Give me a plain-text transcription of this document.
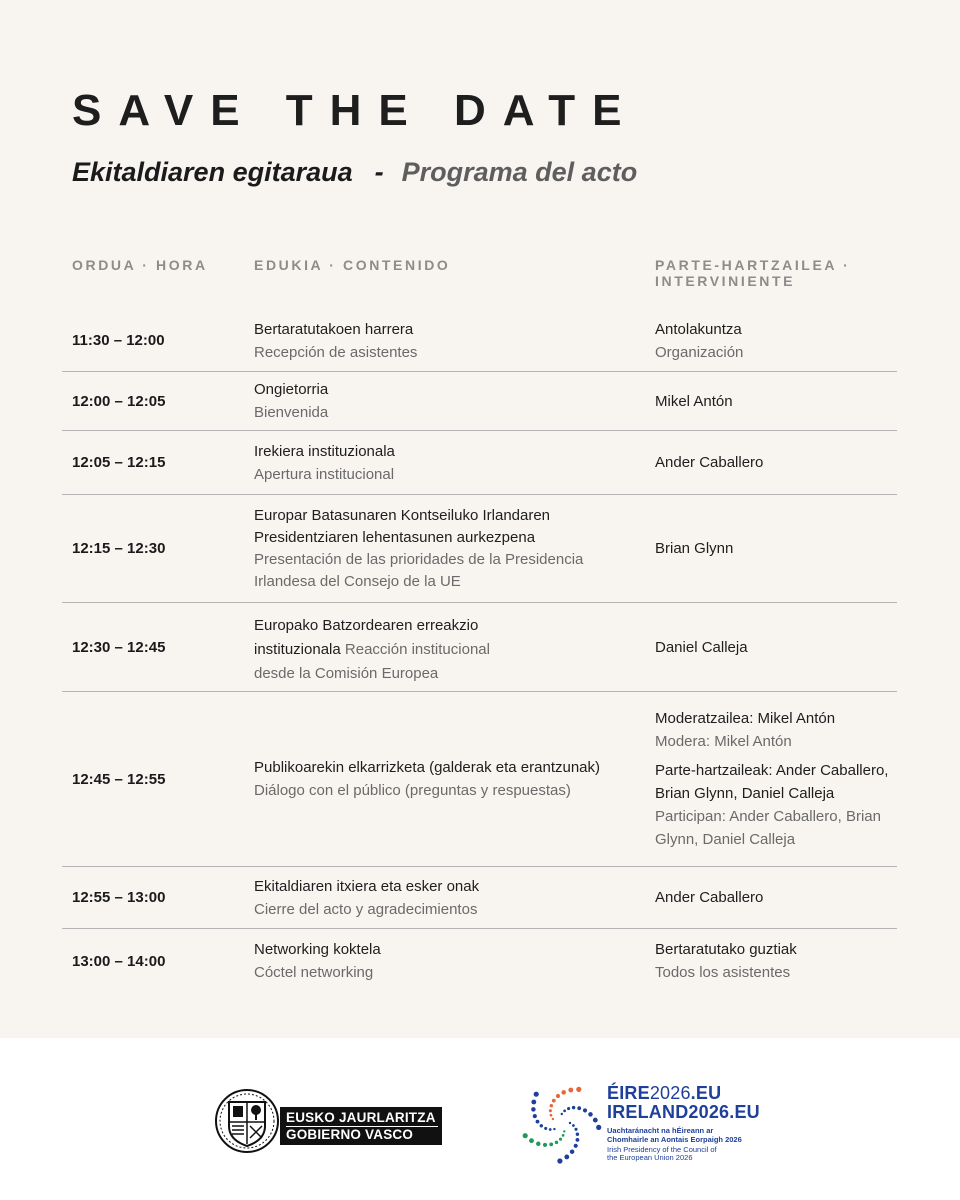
SAVE THE DATE
Ekitaldiaren egitaraua - Programa del acto
ORDUA · HORA	EDUKIA · CONTENIDO	PARTE-HARTZAILEA · INTERVINIENTE
11:30 – 12:00
Bertaratutakoen harrera
Recepción de asistentes
Antolakuntza
Organización
12:00 – 12:05
Ongietorria
Bienvenida
Mikel Antón
12:05 – 12:15
Irekiera instituzionala
Apertura institucional
Ander Caballero
12:15 – 12:30
Europar Batasunaren Kontseiluko Irlandaren Presidentziaren lehentasunen aurkezpena
Presentación de las prioridades de la Presidencia Irlandesa del Consejo de la UE
Brian Glynn
12:30 – 12:45
Europako Batzordearen erreakzio instituzionala Reacción institucional desde la Comisión Europea
Daniel Calleja
12:45 – 12:55
Publikoarekin elkarrizketa (galderak eta erantzunak)
Diálogo con el público (preguntas y respuestas)
Moderatzailea: Mikel Antón
Modera: Mikel Antón
Parte-hartzaileak: Ander Caballero, Brian Glynn, Daniel Calleja
Participan: Ander Caballero, Brian Glynn, Daniel Calleja
12:55 – 13:00
Ekitaldiaren itxiera eta esker onak
Cierre del acto y agradecimientos
Ander Caballero
13:00 – 14:00
Networking koktela
Cóctel networking
Bertaratutako guztiak
Todos los asistentes
EUSKO JAURLARITZA
GOBIERNO VASCO
ÉIRE2026.EU
IRELAND2026.EU
Uachtaránacht na hÉireann ar
Chomhairle an Aontais Eorpaigh 2026
Irish Presidency of the Council of
the European Union 2026
